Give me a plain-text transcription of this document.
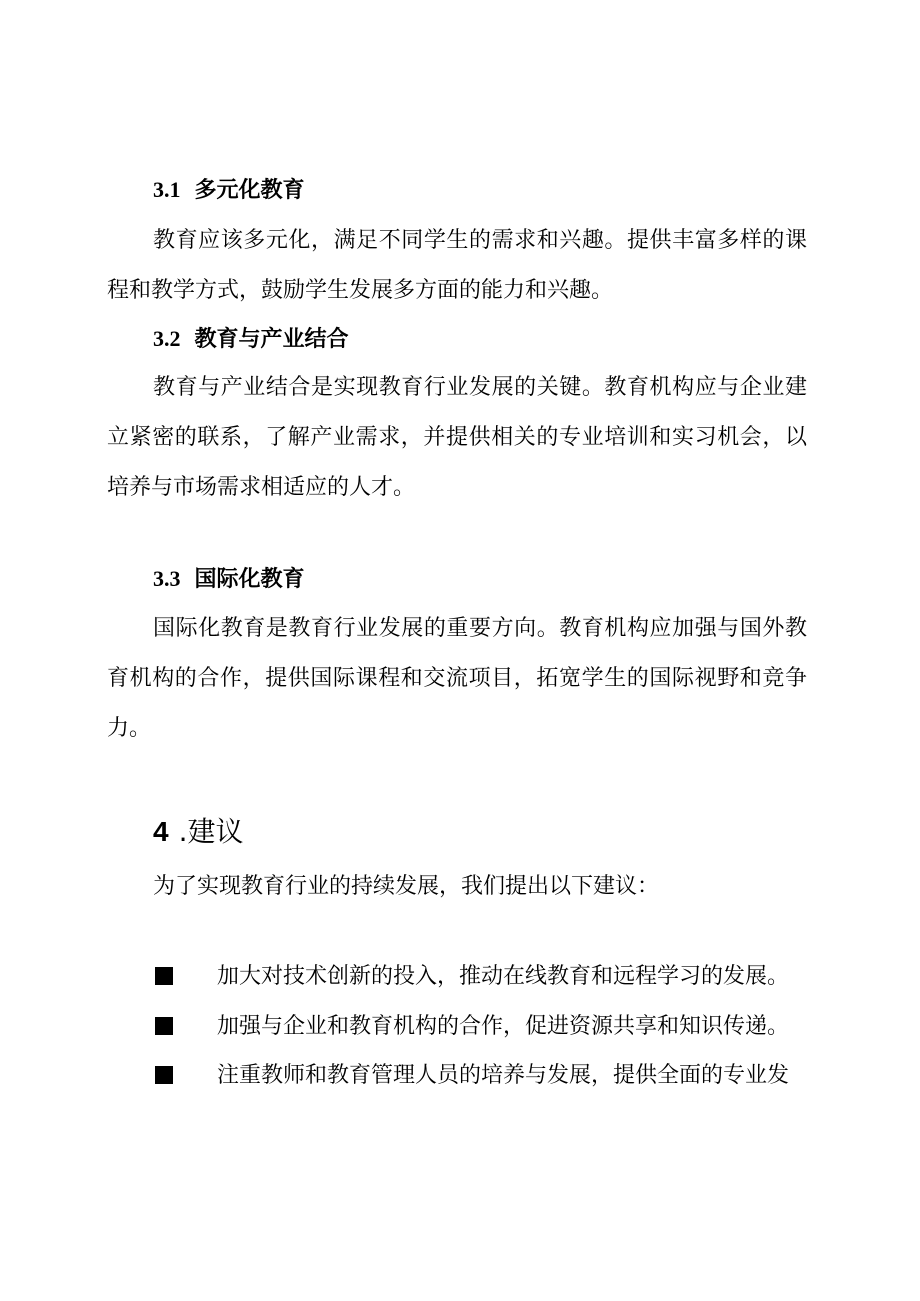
3.1 多元化教育
教育应该多元化，满足不同学生的需求和兴趣。提供丰富多样的课程和教学方式，鼓励学生发展多方面的能力和兴趣。
3.2 教育与产业结合
教育与产业结合是实现教育行业发展的关键。教育机构应与企业建立紧密的联系，了解产业需求，并提供相关的专业培训和实习机会，以培养与市场需求相适应的人才。
3.3 国际化教育
国际化教育是教育行业发展的重要方向。教育机构应加强与国外教育机构的合作，提供国际课程和交流项目，拓宽学生的国际视野和竞争力。
4 .建议
为了实现教育行业的持续发展，我们提出以下建议：
加大对技术创新的投入，推动在线教育和远程学习的发展。
加强与企业和教育机构的合作，促进资源共享和知识传递。
注重教师和教育管理人员的培养与发展，提供全面的专业发
